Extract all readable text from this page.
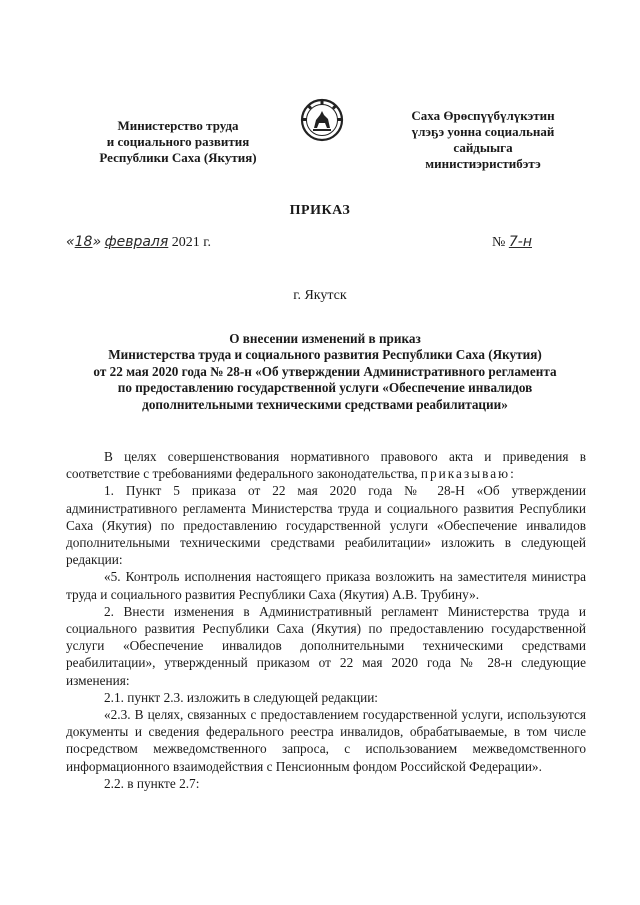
Министерство труда
и социального развития
Республики Саха (Якутия)
Саха Өрөспүүбүлүкэтин
үлэҕэ уонна социальнай
сайдыыга
министиэристибэтэ
ПРИКАЗ
«18» февраля 2021 г.	№ 7-н
г. Якутск
О внесении изменений в приказ
Министерства труда и социального развития Республики Саха (Якутия)
от 22 мая 2020 года № 28-н «Об утверждении Административного регламента
по предоставлению государственной услуги «Обеспечение инвалидов
дополнительными техническими средствами реабилитации»

В целях совершенствования нормативного правового акта и приведения в соответствие с требованиями федерального законодательства, приказываю:

1. Пункт 5 приказа от 22 мая 2020 года № 28-Н «Об утверждении административного регламента Министерства труда и социального развития Республики Саха (Якутия) по предоставлению государственной услуги «Обеспечение инвалидов дополнительными техническими средствами реабилитации» изложить в следующей редакции:

«5. Контроль исполнения настоящего приказа возложить на заместителя министра труда и социального развития Республики Саха (Якутия) А.В. Трубину».

2. Внести изменения в Административный регламент Министерства труда и социального развития Республики Саха (Якутия) по предоставлению государственной услуги «Обеспечение инвалидов дополнительными техническими средствами реабилитации», утвержденный приказом от 22 мая 2020 года № 28-н следующие изменения:

2.1. пункт 2.3. изложить в следующей редакции:

«2.3. В целях, связанных с предоставлением государственной услуги, используются документы и сведения федерального реестра инвалидов, обрабатываемые, в том числе посредством межведомственного запроса, с использованием межведомственного информационного взаимодействия с Пенсионным фондом Российской Федерации».

2.2. в пункте 2.7:
